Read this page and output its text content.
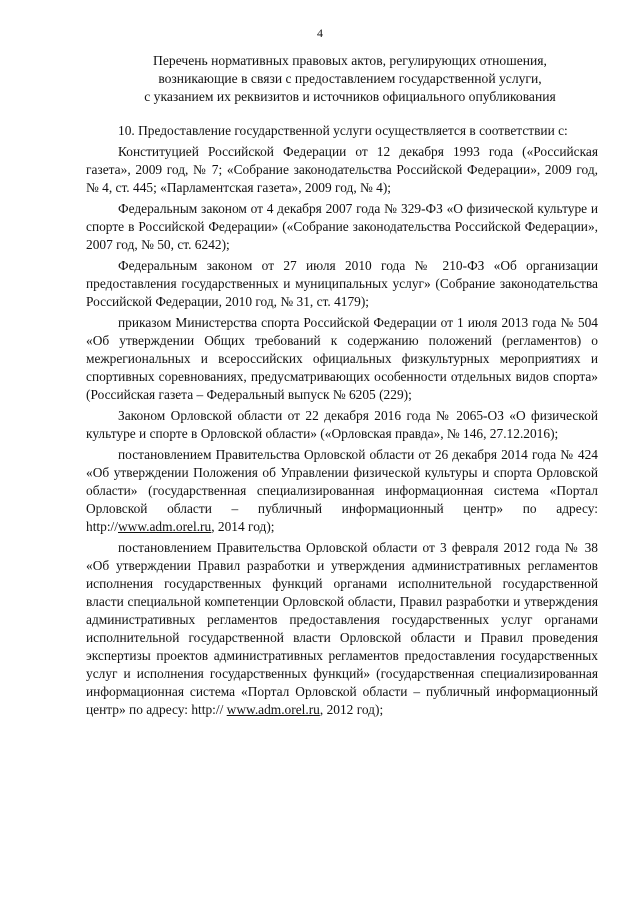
4
Перечень нормативных правовых актов, регулирующих отношения,
возникающие в связи с предоставлением государственной услуги,
с указанием их реквизитов и источников официального опубликования

10. Предоставление государственной услуги осуществляется в соответствии с:

Конституцией Российской Федерации от 12 декабря 1993 года («Российская газета», 2009 год, № 7; «Собрание законодательства Российской Федерации», 2009 год, № 4, ст. 445; «Парламентская газета», 2009 год, № 4);

Федеральным законом от 4 декабря 2007 года № 329-ФЗ «О физической культуре и спорте в Российской Федерации» («Собрание законодательства Российской Федерации», 2007 год, № 50, ст. 6242);

Федеральным законом от 27 июля 2010 года № 210-ФЗ «Об организации предоставления государственных и муниципальных услуг» (Собрание законодательства Российской Федерации, 2010 год, № 31, ст. 4179);

приказом Министерства спорта Российской Федерации от 1 июля 2013 года № 504 «Об утверждении Общих требований к содержанию положений (регламентов) о межрегиональных и всероссийских официальных физкультурных мероприятиях и спортивных соревнованиях, предусматривающих особенности отдельных видов спорта» (Российская газета – Федеральный выпуск № 6205 (229);

Законом Орловской области от 22 декабря 2016 года № 2065-ОЗ «О физической культуре и спорте в Орловской области» («Орловская правда», № 146, 27.12.2016);

постановлением Правительства Орловской области от 26 декабря 2014 года № 424 «Об утверждении Положения об Управлении физической культуры и спорта Орловской области» (государственная специализированная информационная система «Портал Орловской области – публичный информационный центр» по адресу: http://www.adm.orel.ru, 2014 год);

постановлением Правительства Орловской области от 3 февраля 2012 года № 38 «Об утверждении Правил разработки и утверждения административных регламентов исполнения государственных функций органами исполнительной государственной власти специальной компетенции Орловской области, Правил разработки и утверждения административных регламентов предоставления государственных услуг органами исполнительной государственной власти Орловской области и Правил проведения экспертизы проектов административных регламентов предоставления государственных услуг и исполнения государственных функций» (государственная специализированная информационная система «Портал Орловской области – публичный информационный центр» по адресу: http:// www.adm.orel.ru, 2012 год);
